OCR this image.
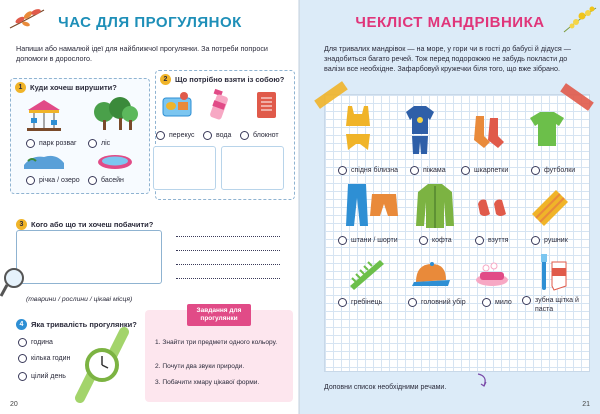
ЧАС ДЛЯ ПРОГУЛЯНОК
Напиши або намалюй ідеї для найближчої прогулянки. За потреби попроси допомоги в дорослого.
1	Куди хочеш вирушити?
парк розваг	ліс
річка / озеро	басейн
2	Що потрібно взяти із собою?
перекус	вода	блокнот
3	Кого або що ти хочеш побачити?
(тварини / рослини / цікаві місця)
4	Яка тривалість прогулянки?
година
кілька годин
цілий день
Завдання для прогулянки
1. Знайти три предмети одного кольору.
2. Почути два звуки природи.
3. Побачити хмару цікавої форми.
20
ЧЕКЛІСТ МАНДРІВНИКА
Для тривалих мандрівок — на море, у гори чи в гості до бабусі й дідуся — знадобиться багато речей. Тож перед подорожжю не забудь покласти до валізи все необхідне. Зафарбовуй кружечки біля того, що вже зібрано.
спідня білизна	піжама	шкарпетки	футболки
штани / шорти	кофта	взуття	рушник
гребінець	головний убір	мило	зубна щітка й паста
Доповни список необхідними речами.
21
